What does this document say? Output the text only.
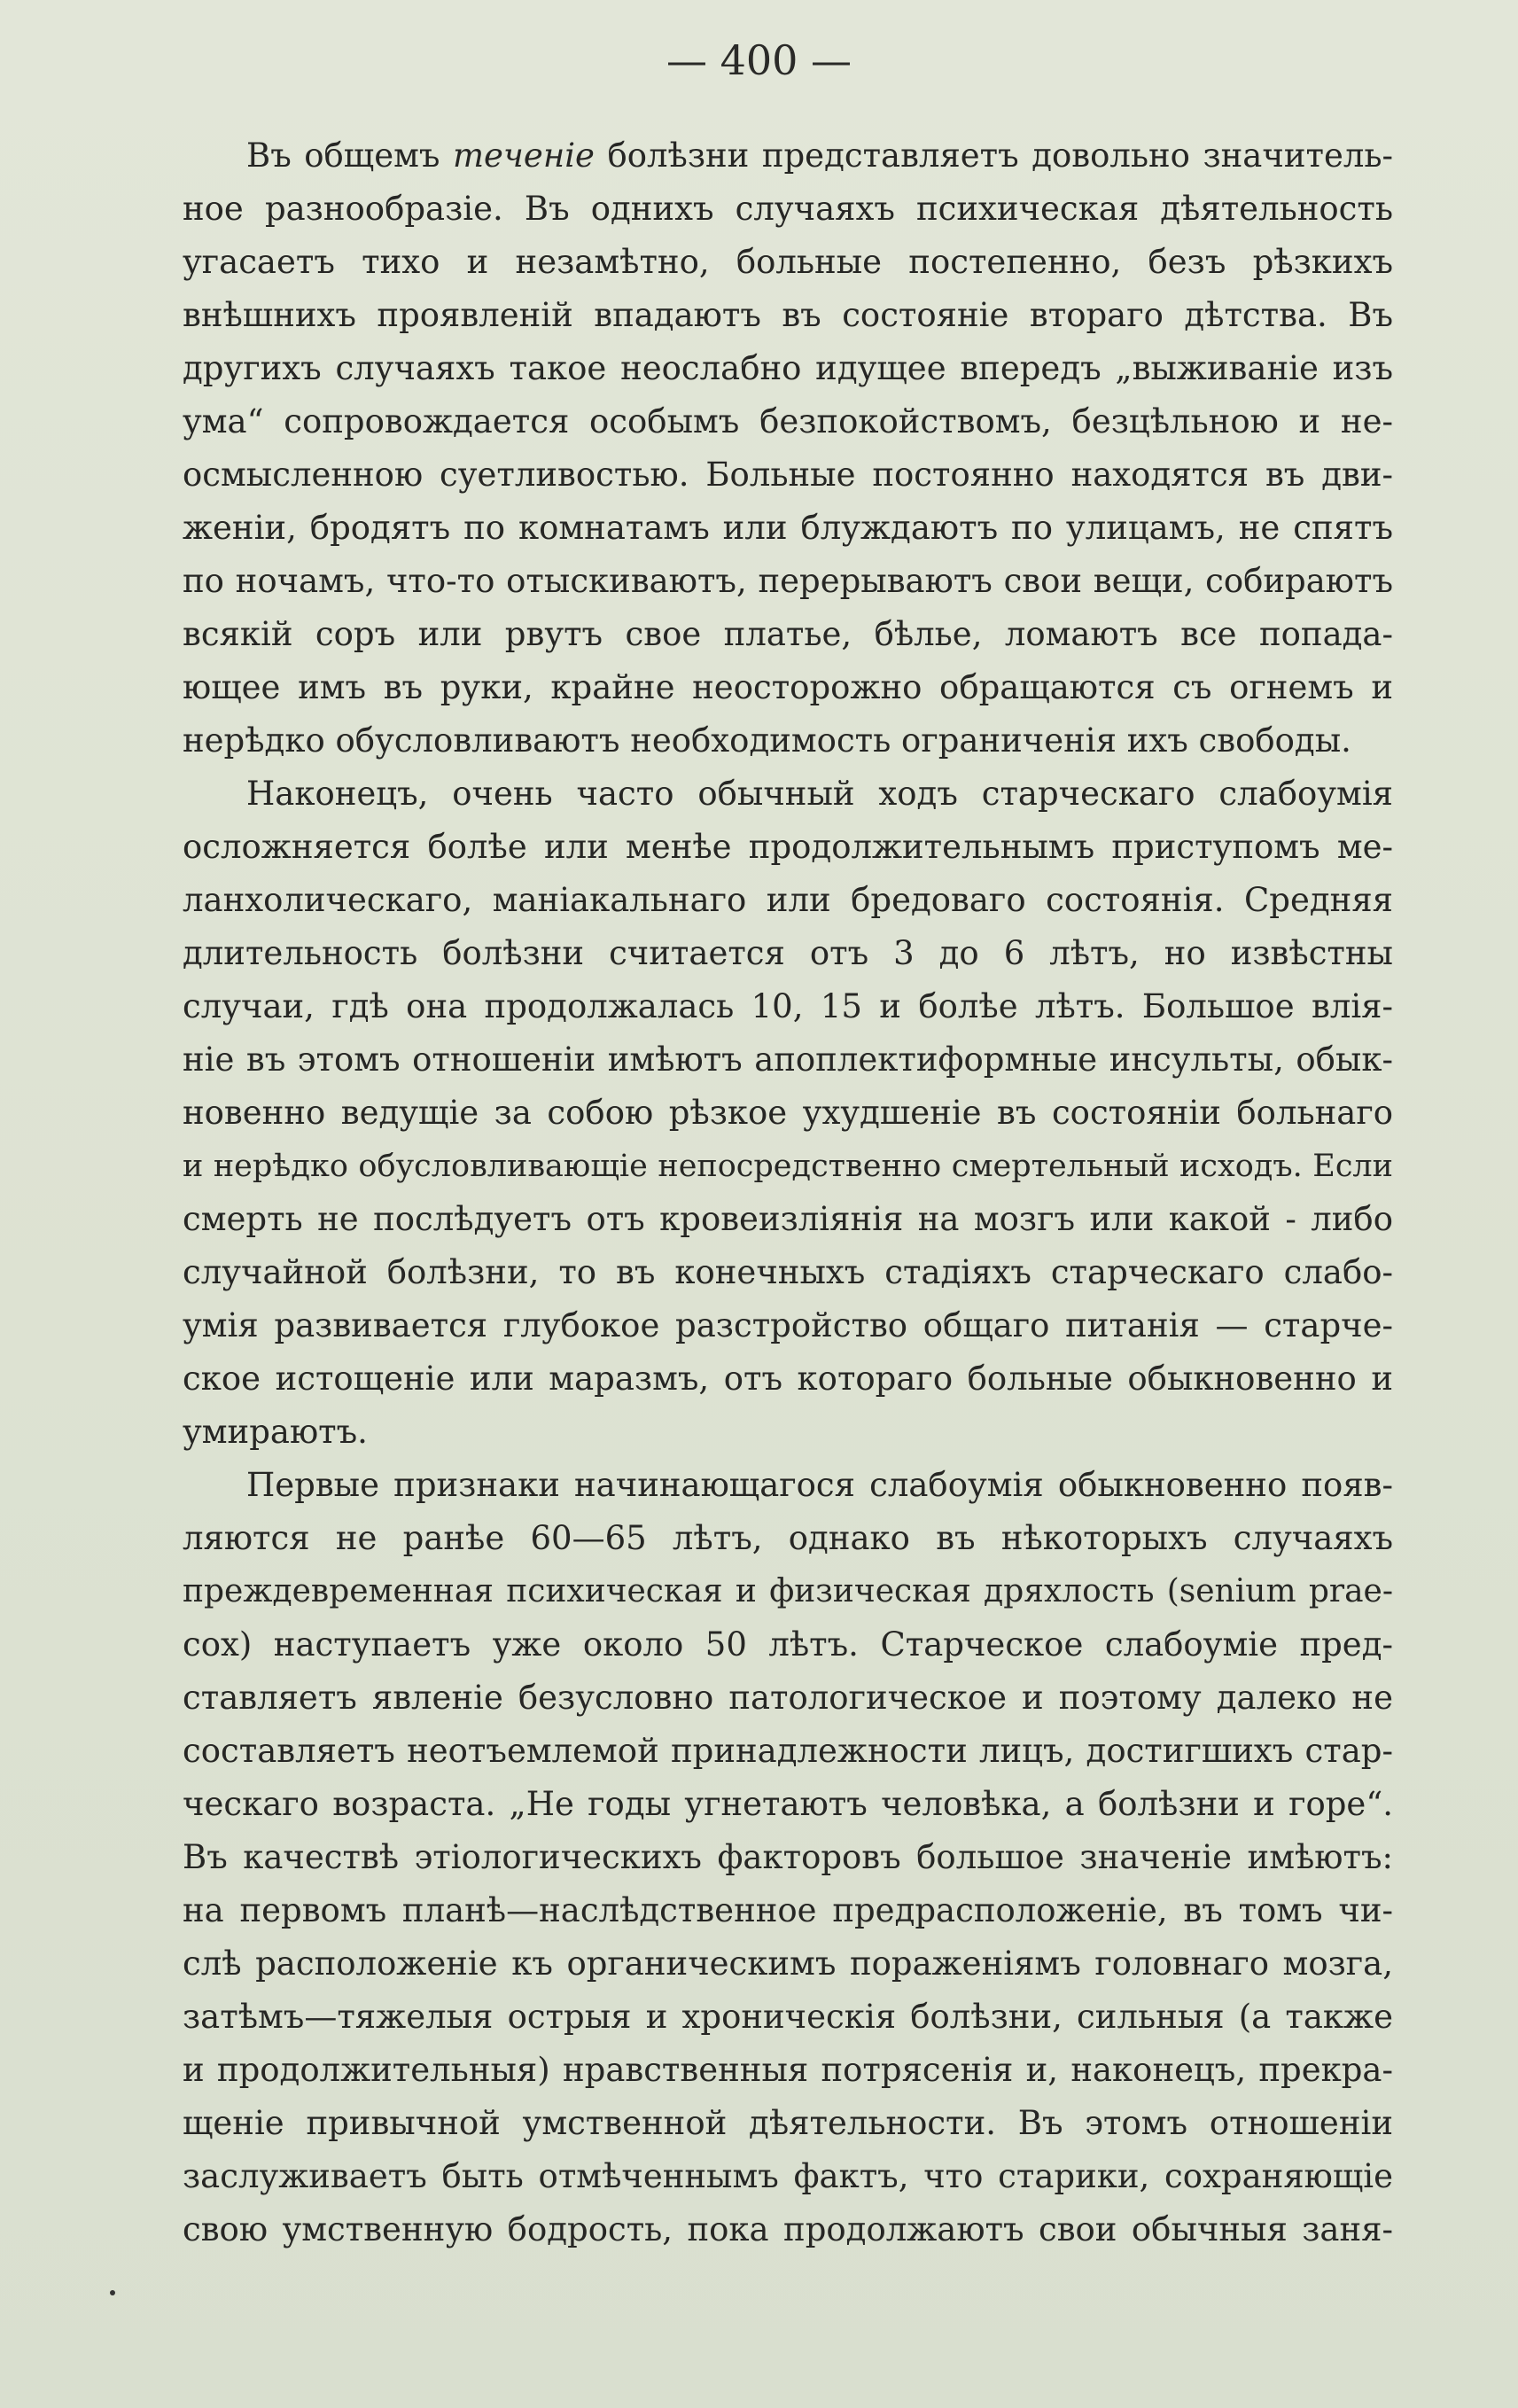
— 400 —

Въ общемъ теченіе болѣзни представляетъ довольно значитель-
ное разнообразіе. Въ однихъ случаяхъ психическая дѣятельность
угасаетъ тихо и незамѣтно, больные постепенно, безъ рѣзкихъ
внѣшнихъ проявленій впадаютъ въ состояніе втораго дѣтства. Въ
другихъ случаяхъ такое неослабно идущее впередъ „выживаніе изъ
ума“ сопровождается особымъ безпокойствомъ, безцѣльною и не-
осмысленною суетливостью. Больные постоянно находятся въ дви-
женіи, бродятъ по комнатамъ или блуждаютъ по улицамъ, не спятъ
по ночамъ, что-то отыскиваютъ, перерываютъ свои вещи, собираютъ
всякій соръ или рвутъ свое платье, бѣлье, ломаютъ все попада-
ющее имъ въ руки, крайне неосторожно обращаются съ огнемъ и
нерѣдко обусловливаютъ необходимость ограниченія ихъ свободы.

Наконецъ, очень часто обычный ходъ старческаго слабоумія
осложняется болѣе или менѣе продолжительнымъ приступомъ ме-
ланхолическаго, маніакальнаго или бредоваго состоянія. Средняя
длительность болѣзни считается отъ 3 до 6 лѣтъ, но извѣстны
случаи, гдѣ она продолжалась 10, 15 и болѣе лѣтъ. Большое влія-
ніе въ этомъ отношеніи имѣютъ апоплектиформные инсульты, обык-
новенно ведущіе за собою рѣзкое ухудшеніе въ состояніи больнаго
и нерѣдко обусловливающіе непосредственно смертельный исходъ. Если
смерть не послѣдуетъ отъ кровеизліянія на мозгъ или какой - либо
случайной болѣзни, то въ конечныхъ стадіяхъ старческаго слабо-
умія развивается глубокое разстройство общаго питанія — старче-
ское истощеніе или маразмъ, отъ котораго больные обыкновенно и
умираютъ.

Первые признаки начинающагося слабоумія обыкновенно появ-
ляются не ранѣе 60—65 лѣтъ, однако въ нѣкоторыхъ случаяхъ
преждевременная психическая и физическая дряхлость (senium prae-
cox) наступаетъ уже около 50 лѣтъ. Старческое слабоуміе пред-
ставляетъ явленіе безусловно патологическое и поэтому далеко не
составляетъ неотъемлемой принадлежности лицъ, достигшихъ стар-
ческаго возраста. „Не годы угнетаютъ человѣка, а болѣзни и горе“.
Въ качествѣ этіологическихъ факторовъ большое значеніе имѣютъ:
на первомъ планѣ—наслѣдственное предрасположеніе, въ томъ чи-
слѣ расположеніе къ органическимъ пораженіямъ головнаго мозга,
затѣмъ—тяжелыя острыя и хроническія болѣзни, сильныя (а также
и продолжительныя) нравственныя потрясенія и, наконецъ, прекра-
щеніе привычной умственной дѣятельности. Въ этомъ отношеніи
заслуживаетъ быть отмѣченнымъ фактъ, что старики, сохраняющіе
свою умственную бодрость, пока продолжаютъ свои обычныя заня-
